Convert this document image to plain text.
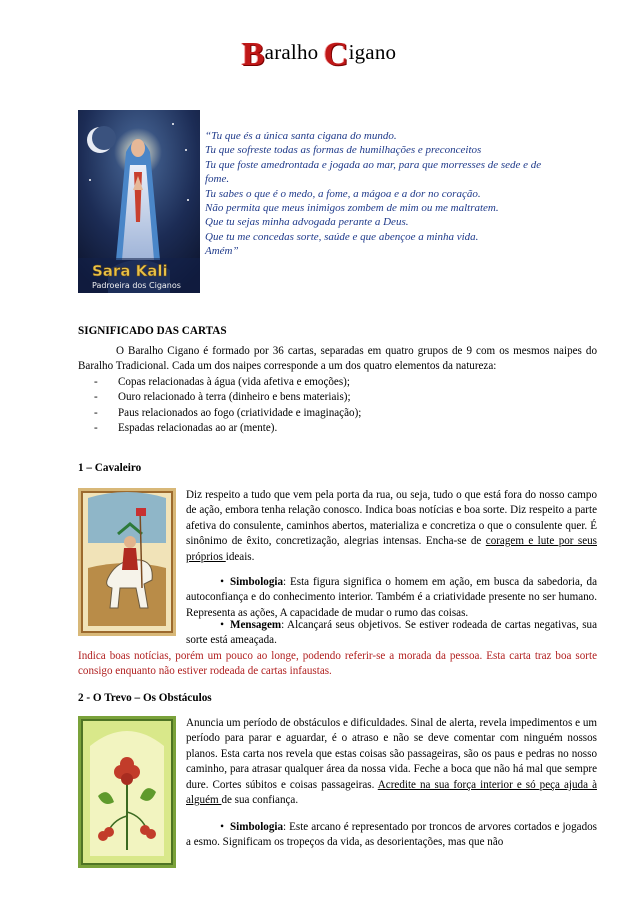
Baralho Cigano
Sara Kali
Padroeira dos Ciganos
“Tu que és a única santa cigana do mundo.
Tu que sofreste todas as formas de humilhações e preconceitos
Tu que foste amedrontada e jogada ao mar, para que morresses de sede e de
fome.
Tu sabes o que é o medo, a fome, a mágoa e a dor no coração.
Não permita que meus inimigos zombem de mim ou me maltratem.
Que tu sejas minha advogada perante a Deus.
Que tu me concedas sorte, saúde e que abençoe a minha vida.
Amém”
SIGNIFICADO DAS CARTAS
O Baralho Cigano é formado por 36 cartas, separadas em quatro grupos de 9 com os mesmos naipes do Baralho Tradicional. Cada um dos naipes corresponde a um dos quatro elementos da natureza:
- Copas relacionadas à água (vida afetiva e emoções);
- Ouro relacionado à terra (dinheiro e bens materiais);
- Paus relacionados ao fogo (criatividade e imaginação);
- Espadas relacionadas ao ar (mente).
1 – Cavaleiro
Diz respeito a tudo que vem pela porta da rua, ou seja, tudo o que está fora do nosso campo de ação, embora tenha relação conosco. Indica boas notícias e boa sorte. Diz respeito a parte afetiva do consulente, caminhos abertos, materializa e concretiza o que o consulente quer. É sinônimo de êxito, concretização, alegrias intensas. Encha-se de coragem e lute por seus próprios ideais.
• Simbologia: Esta figura significa o homem em ação, em busca da sabedoria, da autoconfiança e do conhecimento interior. Também é a criatividade presente no ser humano. Representa as ações, A capacidade de mudar o rumo das coisas.
• Mensagem: Alcançará seus objetivos. Se estiver rodeada de cartas negativas, sua sorte está ameaçada.
Indica boas notícias, porém um pouco ao longe, podendo referir-se a morada da pessoa. Esta carta traz boa sorte consigo enquanto não estiver rodeada de cartas infaustas.
2 - O Trevo – Os Obstáculos
Anuncia um período de obstáculos e dificuldades. Sinal de alerta, revela impedimentos e um período para parar e aguardar, é o atraso e não se deve comentar com ninguém nossos planos. Esta carta nos revela que estas coisas são passageiras, são os paus e pedras no nosso caminho, para atrasar qualquer área da nossa vida. Feche a boca que não há mal que sempre dure. Cortes súbitos e coisas passageiras. Acredite na sua força interior e só peça ajuda à alguém de sua confiança.
• Simbologia: Este arcano é representado por troncos de arvores cortados e jogados a esmo. Significam os tropeços da vida, as desorientações, mas que não
